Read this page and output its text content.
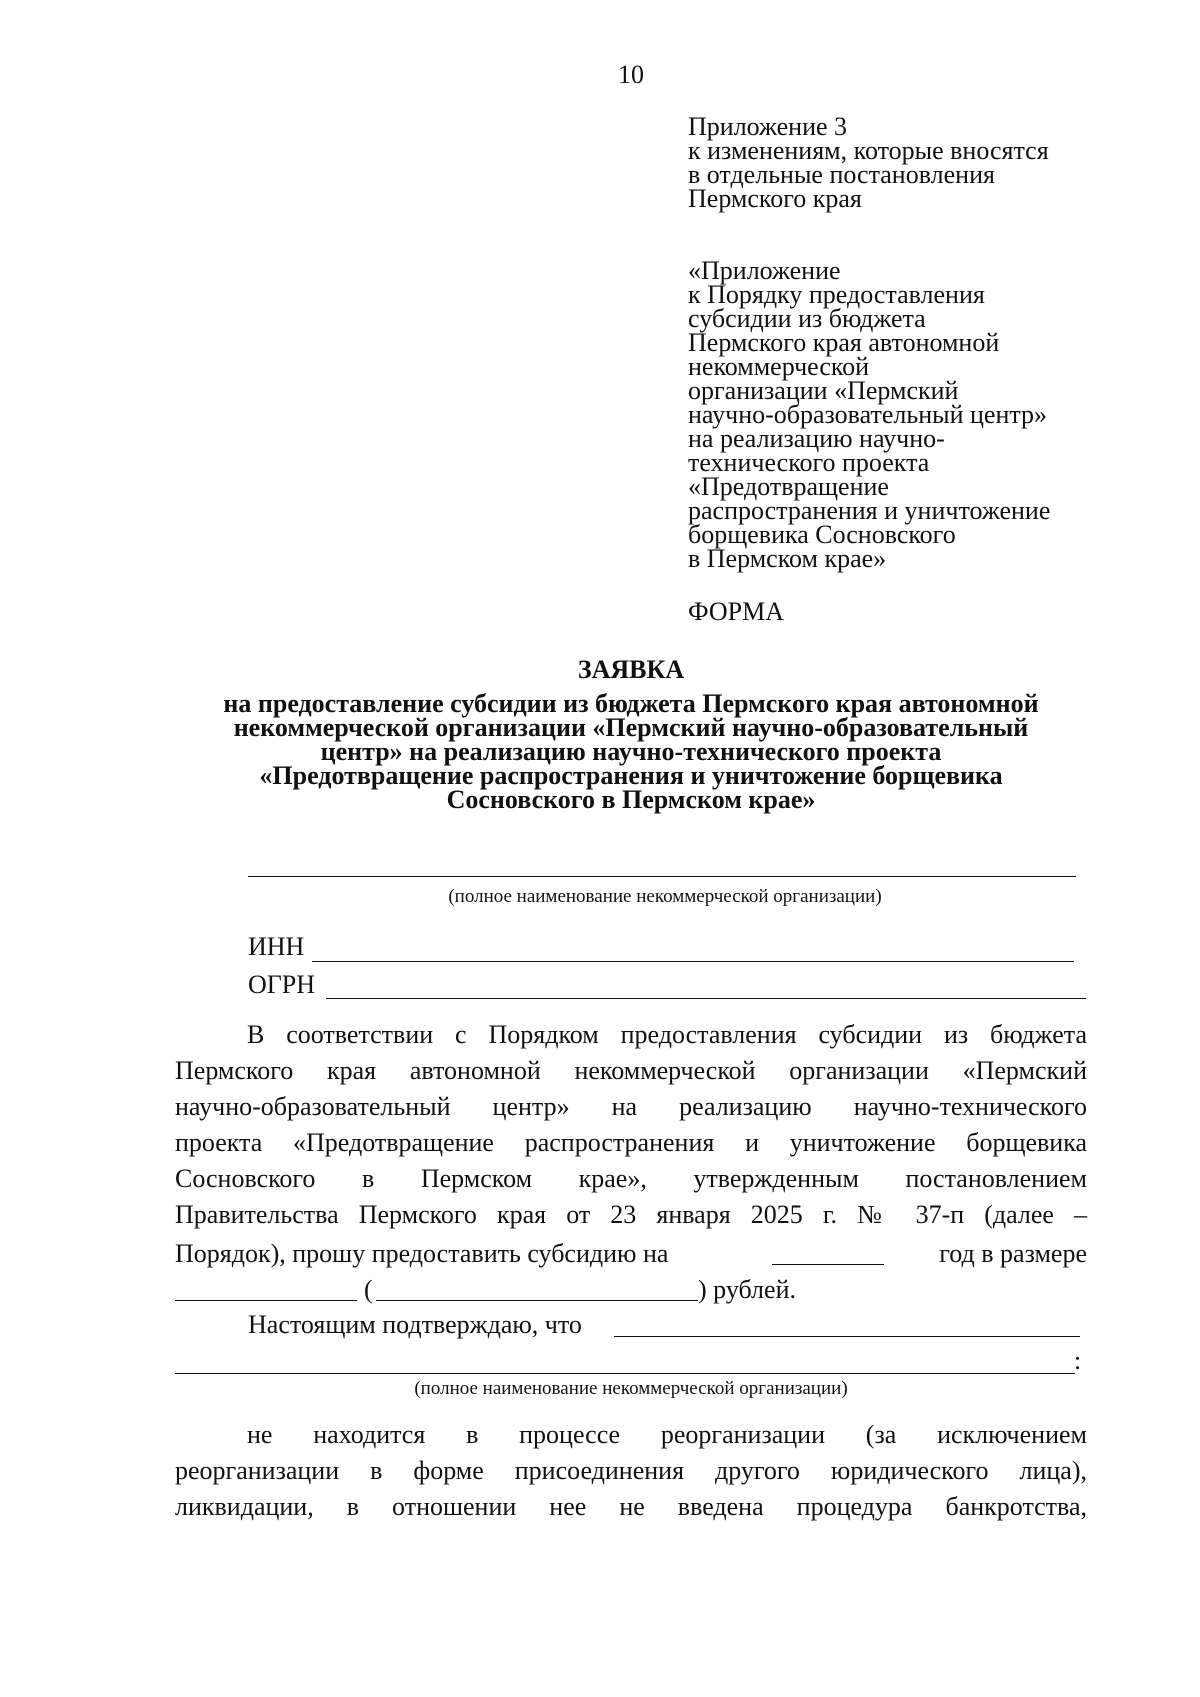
10
Приложение 3
к изменениям, которые вносятся
в отдельные постановления
Пермского края
«Приложение
к Порядку предоставления
субсидии из бюджета
Пермского края автономной
некоммерческой
организации «Пермский
научно-образовательный центр»
на реализацию научно-
технического проекта
«Предотвращение
распространения и уничтожение
борщевика Сосновского
в Пермском крае»
ФОРМА
ЗАЯВКА
на предоставление субсидии из бюджета Пермского края автономной
некоммерческой организации «Пермский научно-образовательный
центр» на реализацию научно-технического проекта
«Предотвращение распространения и уничтожение борщевика
Сосновского в Пермском крае»
(полное наименование некоммерческой организации)
ИНН
ОГРН
В соответствии с Порядком предоставления субсидии из бюджета
Пермского края автономной некоммерческой организации «Пермский
научно-образовательный центр» на реализацию научно-технического
проекта «Предотвращение распространения и уничтожение борщевика
Сосновского в Пермском крае», утвержденным постановлением
Правительства Пермского края от 23 января 2025 г. № 37-п (далее –
Порядок), прошу предоставить субсидию на	год в размере
(	) рублей.
Настоящим подтверждаю, что
:
(полное наименование некоммерческой организации)
не находится в процессе реорганизации (за исключением
реорганизации в форме присоединения другого юридического лица),
ликвидации, в отношении нее не введена процедура банкротства,
